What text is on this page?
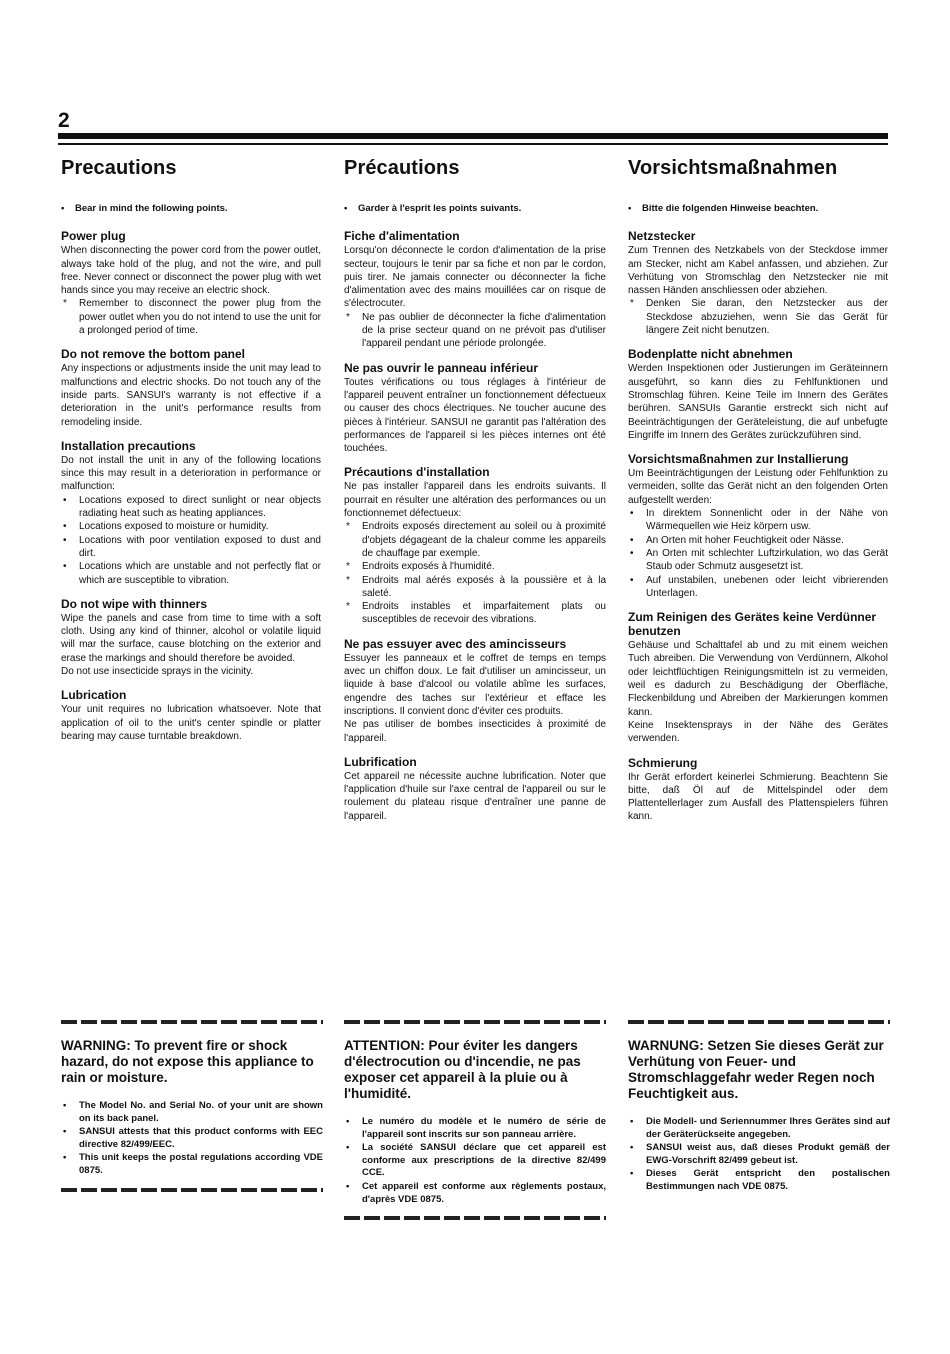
2
Precautions
• Bear in mind the following points.
Power plug

When disconnecting the power cord from the power outlet, always take hold of the plug, and not the wire, and pull free. Never connect or disconnect the power plug with wet hands since you may receive an electric shock.

* Remember to disconnect the power plug from the power outlet when you do not intend to use the unit for a prolonged period of time.
Do not remove the bottom panel

Any inspections or adjustments inside the unit may lead to malfunctions and electric shocks. Do not touch any of the inside parts. SANSUI's warranty is not effective if a deterioration in the unit's performance results from remodeling inside.

Installation precautions

Do not install the unit in any of the following locations since this may result in a deterioration in performance or malfunction:

• Locations exposed to direct sunlight or near objects radiating heat such as heating appliances.
• Locations exposed to moisture or humidity.
• Locations with poor ventilation exposed to dust and dirt.
• Locations which are unstable and not perfectly flat or which are susceptible to vibration.
Do not wipe with thinners

Wipe the panels and case from time to time with a soft cloth. Using any kind of thinner, alcohol or volatile liquid will mar the surface, cause blotching on the exterior and erase the markings and should therefore be avoided.

Do not use insecticide sprays in the vicinity.

Lubrication

Your unit requires no lubrication whatsoever. Note that application of oil to the unit's center spindle or platter bearing may cause turntable breakdown.

Précautions
• Garder à l'esprit les points suivants.
Fiche d'alimentation

Lorsqu'on déconnecte le cordon d'alimentation de la prise secteur, toujours le tenir par sa fiche et non par le cordon, puis tirer. Ne jamais connecter ou déconnecter la fiche d'alimentation avec des mains mouillées car on risque de s'électrocuter.

* Ne pas oublier de déconnecter la fiche d'alimentation de la prise secteur quand on ne prévoit pas d'utiliser l'appareil pendant une période prolongée.
Ne pas ouvrir le panneau inférieur

Toutes vérifications ou tous réglages à l'intérieur de l'appareil peuvent entraîner un fonctionnement défectueux ou causer des chocs électriques. Ne toucher aucune des pièces à l'intérieur. SANSUI ne garantit pas l'altération des performances de l'appareil si les pièces internes ont été touchées.

Précautions d'installation

Ne pas installer l'appareil dans les endroits suivants. Il pourrait en résulter une altération des performances ou un fonctionnemet défectueux:

* Endroits exposés directement au soleil ou à proximité d'objets dégageant de la chaleur comme les appareils de chauffage par exemple.
* Endroits exposés à l'humidité.
* Endroits mal aérés exposés à la poussière et à la saleté.
* Endroits instables et imparfaitement plats ou susceptibles de recevoir des vibrations.
Ne pas essuyer avec des amincisseurs

Essuyer les panneaux et le coffret de temps en temps avec un chiffon doux. Le fait d'utiliser un amincisseur, un liquide à base d'alcool ou volatile abîme les surfaces, engendre des taches sur l'extérieur et efface les inscriptions. Il convient donc d'éviter ces produits.

Ne pas utiliser de bombes insecticides à proximité de l'appareil.

Lubrification

Cet appareil ne nécessite auchne lubrification. Noter que l'application d'huile sur l'axe central de l'appareil ou sur le roulement du plateau risque d'entraîner une panne de l'appareil.

Vorsichtsmaßnahmen
• Bitte die folgenden Hinweise beachten.
Netzstecker

Zum Trennen des Netzkabels von der Steckdose immer am Stecker, nicht am Kabel anfassen, und abziehen. Zur Verhütung von Stromschlag den Netzstecker nie mit nassen Händen anschliessen oder abziehen.

* Denken Sie daran, den Netzstecker aus der Steckdose abzuziehen, wenn Sie das Gerät für längere Zeit nicht benutzen.
Bodenplatte nicht abnehmen

Werden Inspektionen oder Justierungen im Geräteinnern ausgeführt, so kann dies zu Fehlfunktionen und Stromschlag führen. Keine Teile im Innern des Gerätes berühren. SANSUIs Garantie erstreckt sich nicht auf Beeinträchtigungen der Geräteleistung, die auf unbefugte Eingriffe im Innern des Gerätes zurückzuführen sind.

Vorsichtsmaßnahmen zur Installierung

Um Beeinträchtigungen der Leistung oder Fehlfunktion zu vermeiden, sollte das Gerät nicht an den folgenden Orten aufgestellt werden:

• In direktem Sonnenlicht oder in der Nähe von Wärmequellen wie Heiz körpern usw.
• An Orten mit hoher Feuchtigkeit oder Nässe.
• An Orten mit schlechter Luftzirkulation, wo das Gerät Staub oder Schmutz ausgesetzt ist.
• Auf unstabilen, unebenen oder leicht vibrierenden Unterlagen.
Zum Reinigen des Gerätes keine Verdünner benutzen

Gehäuse und Schalttafel ab und zu mit einem weichen Tuch abreiben. Die Verwendung von Verdünnern, Alkohol oder leichtflüchtigen Reinigungsmitteln ist zu vermeiden, weil es dadurch zu Beschädigung der Oberfläche, Fleckenbildung und Abreiben der Markierungen kommen kann.

Keine Insektensprays in der Nähe des Gerätes verwenden.

Schmierung

Ihr Gerät erfordert keinerlei Schmierung. Beachtenn Sie bitte, daß Öl auf de Mittelspindel oder dem Plattentellerlager zum Ausfall des Plattenspielers führen kann.

WARNING: To prevent fire or shock hazard, do not expose this appliance to rain or moisture.
• The Model No. and Serial No. of your unit are shown on its back panel.
• SANSUI attests that this product conforms with EEC directive 82/499/EEC.
• This unit keeps the postal regulations according VDE 0875.
ATTENTION: Pour éviter les dangers d'électrocution ou d'incendie, ne pas exposer cet appareil à la pluie ou à l'humidité.
• Le numéro du modèle et le numéro de série de l'appareil sont inscrits sur son panneau arrière.
• La société SANSUI déclare que cet appareil est conforme aux prescriptions de la directive 82/499 CCE.
• Cet appareil est conforme aux règlements postaux, d'après VDE 0875.
WARNUNG: Setzen Sie dieses Gerät zur Verhütung von Feuer- und Stromschlaggefahr weder Regen noch Feuchtigkeit aus.
• Die Modell- und Seriennummer Ihres Gerätes sind auf der Geräterückseite angegeben.
• SANSUI weist aus, daß dieses Produkt gemäß der EWG-Vorschrift 82/499 gebeut ist.
• Dieses Gerät entspricht den postalischen Bestimmungen nach VDE 0875.
